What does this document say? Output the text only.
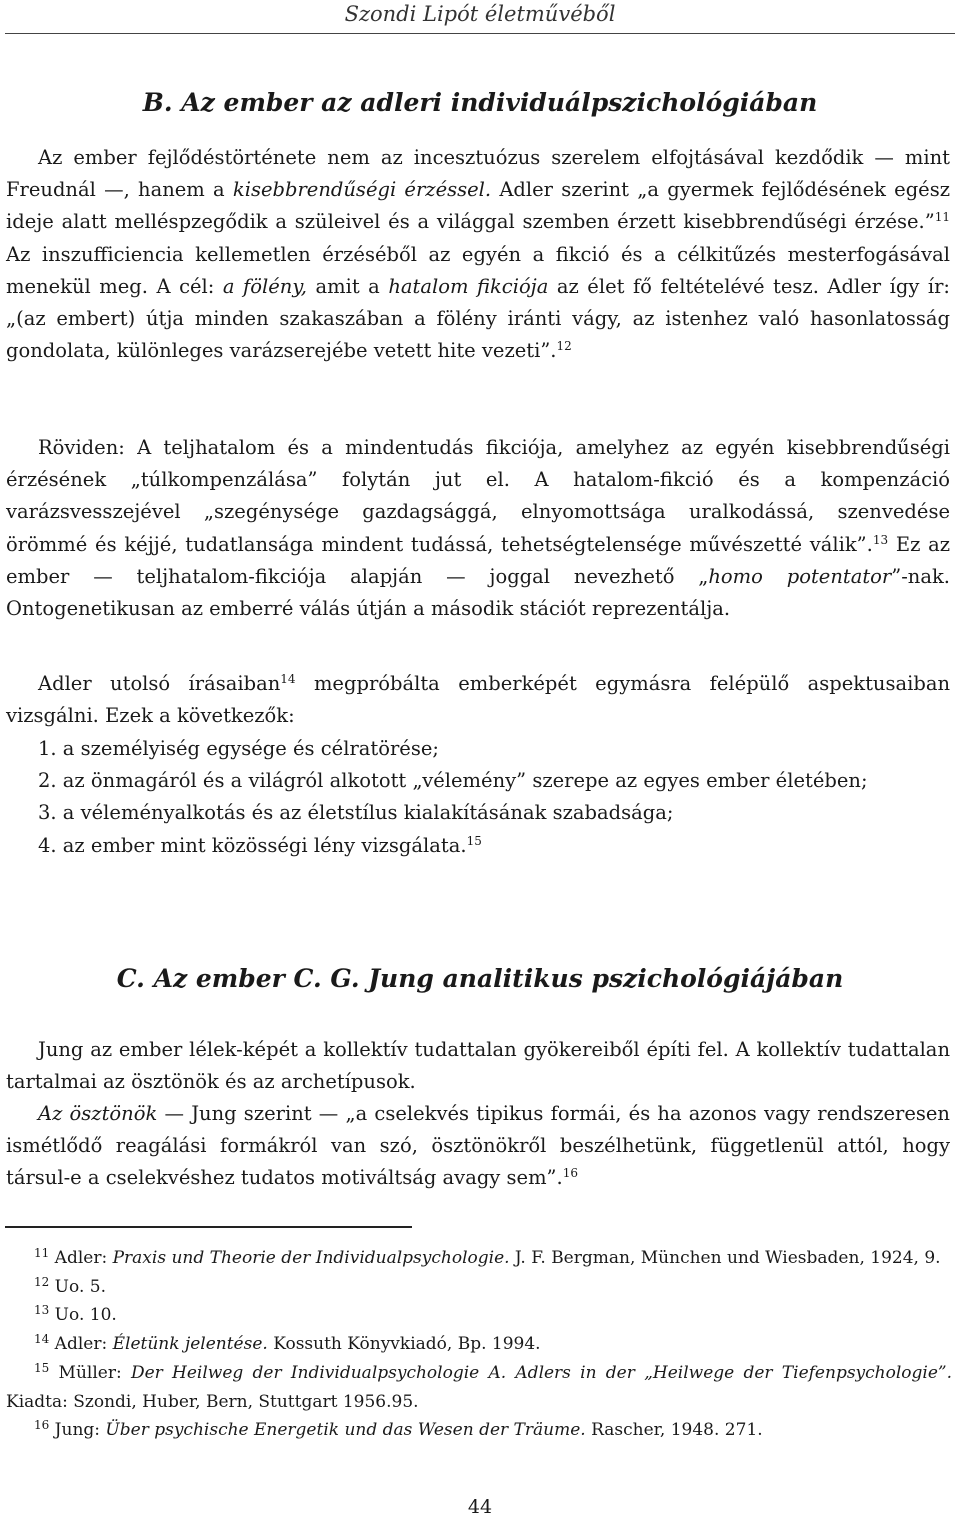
Szondi Lipót életművéből
B. Az ember az adleri individuálpszichológiában

Az ember fejlődéstörténete nem az incesztuózus szerelem elfojtásával kezdődik — mint Freudnál —, hanem a kisebbrendűségi érzéssel. Adler szerint „a gyermek fejlődésének egész ideje alatt melléspzegődik a szüleivel és a világgal szemben érzett kisebbrendűségi érzése.”$^{11}$ Az inszufficiencia kellemetlen érzéséből az egyén a fikció és a célkitűzés mesterfogásával menekül meg. A cél: a fölény, amit a hatalom fikciója az élet fő feltételévé tesz. Adler így ír: „(az embert) útja minden szakaszában a fölény iránti vágy, az istenhez való hasonlatosság gondolata, különleges varázserejébe vetett hite vezeti”.$^{12}$

Röviden: A teljhatalom és a mindentudás fikciója, amelyhez az egyén kisebbrendűségi érzésének „túlkompenzálása” folytán jut el. A hatalom-fikció és a kompenzáció varázsvesszejével „szegénysége gazdagsággá, elnyomottsága uralkodássá, szenvedése örömmé és kéjjé, tudatlansága mindent tudássá, tehetségtelensége művészetté válik”.$^{13}$ Ez az ember — teljhatalom-fikciója alapján — joggal nevezhető „homo potentator”-nak. Ontogenetikusan az emberré válás útján a második stációt reprezentálja.

Adler utolsó írásaiban$^{14}$ megpróbálta emberképét egymásra felépülő aspektusaiban vizsgálni. Ezek a következők:

1. a személyiség egysége és célratörése;
2. az önmagáról és a világról alkotott „vélemény” szerepe az egyes ember életében;
3. a véleményalkotás és az életstílus kialakításának szabadsága;
4. az ember mint közösségi lény vizsgálata.$^{15}$
C. Az ember C. G. Jung analitikus pszichológiájában

Jung az ember lélek-képét a kollektív tudattalan gyökereiből építi fel. A kollektív tudattalan tartalmai az ösztönök és az archetípusok.

Az ösztönök — Jung szerint — „a cselekvés tipikus formái, és ha azonos vagy rendszeresen ismétlődő reagálási formákról van szó, ösztönökről beszélhetünk, függetlenül attól, hogy társul-e a cselekvéshez tudatos motiváltság avagy sem”.$^{16}$

$^{11}$ Adler: Praxis und Theorie der Individualpsychologie. J. F. Bergman, München und Wiesbaden, 1924, 9.

$^{12}$ Uo. 5.

$^{13}$ Uo. 10.

$^{14}$ Adler: Életünk jelentése. Kossuth Könyvkiadó, Bp. 1994.

$^{15}$ Müller: Der Heilweg der Individualpsychologie A. Adlers in der „Heilwege der Tiefenpsychologie”. Kiadta: Szondi, Huber, Bern, Stuttgart 1956.95.

$^{16}$ Jung: Über psychische Energetik und das Wesen der Träume. Rascher, 1948. 271.

44
